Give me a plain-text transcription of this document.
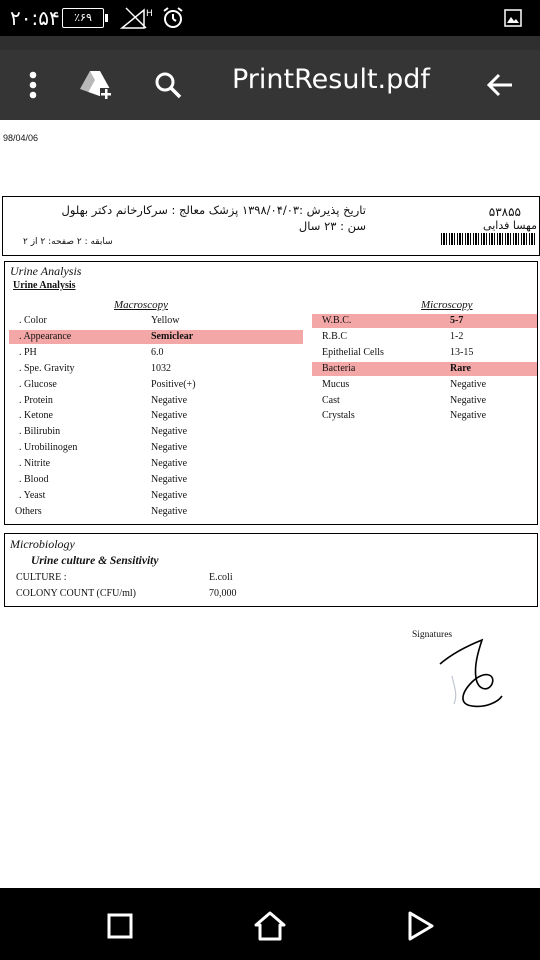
۲۰:۵۴	٪۶۹	H
PrintResult.pdf
98/04/06
تاریخ پذیرش :۱۳۹۸/۰۴/۰۳ پزشک معالج : سرکارخانم دکتر بهلول
سن : ۲۳ سال
۵۳۸۵۵
مهسا فدایی
سابقه : ۲ صفحه: ۲ از ۲
Urine Analysis
Urine Analysis
Macroscopy	Microscopy
. Color	Yellow
. Appearance	Semiclear
. PH	6.0
. Spe. Gravity	1032
. Glucose	Positive(+)
. Protein	Negative
. Ketone	Negative
. Bilirubin	Negative
. Urobilinogen	Negative
. Nitrite	Negative
. Blood	Negative
. Yeast	Negative
Others	Negative
W.B.C.	5-7
R.B.C	1-2
Epithelial Cells	13-15
Bacteria	Rare
Mucus	Negative
Cast	Negative
Crystals	Negative
Microbiology
Urine culture & Sensitivity
CULTURE :	E.coli
COLONY COUNT (CFU/ml)	70,000
Signatures
